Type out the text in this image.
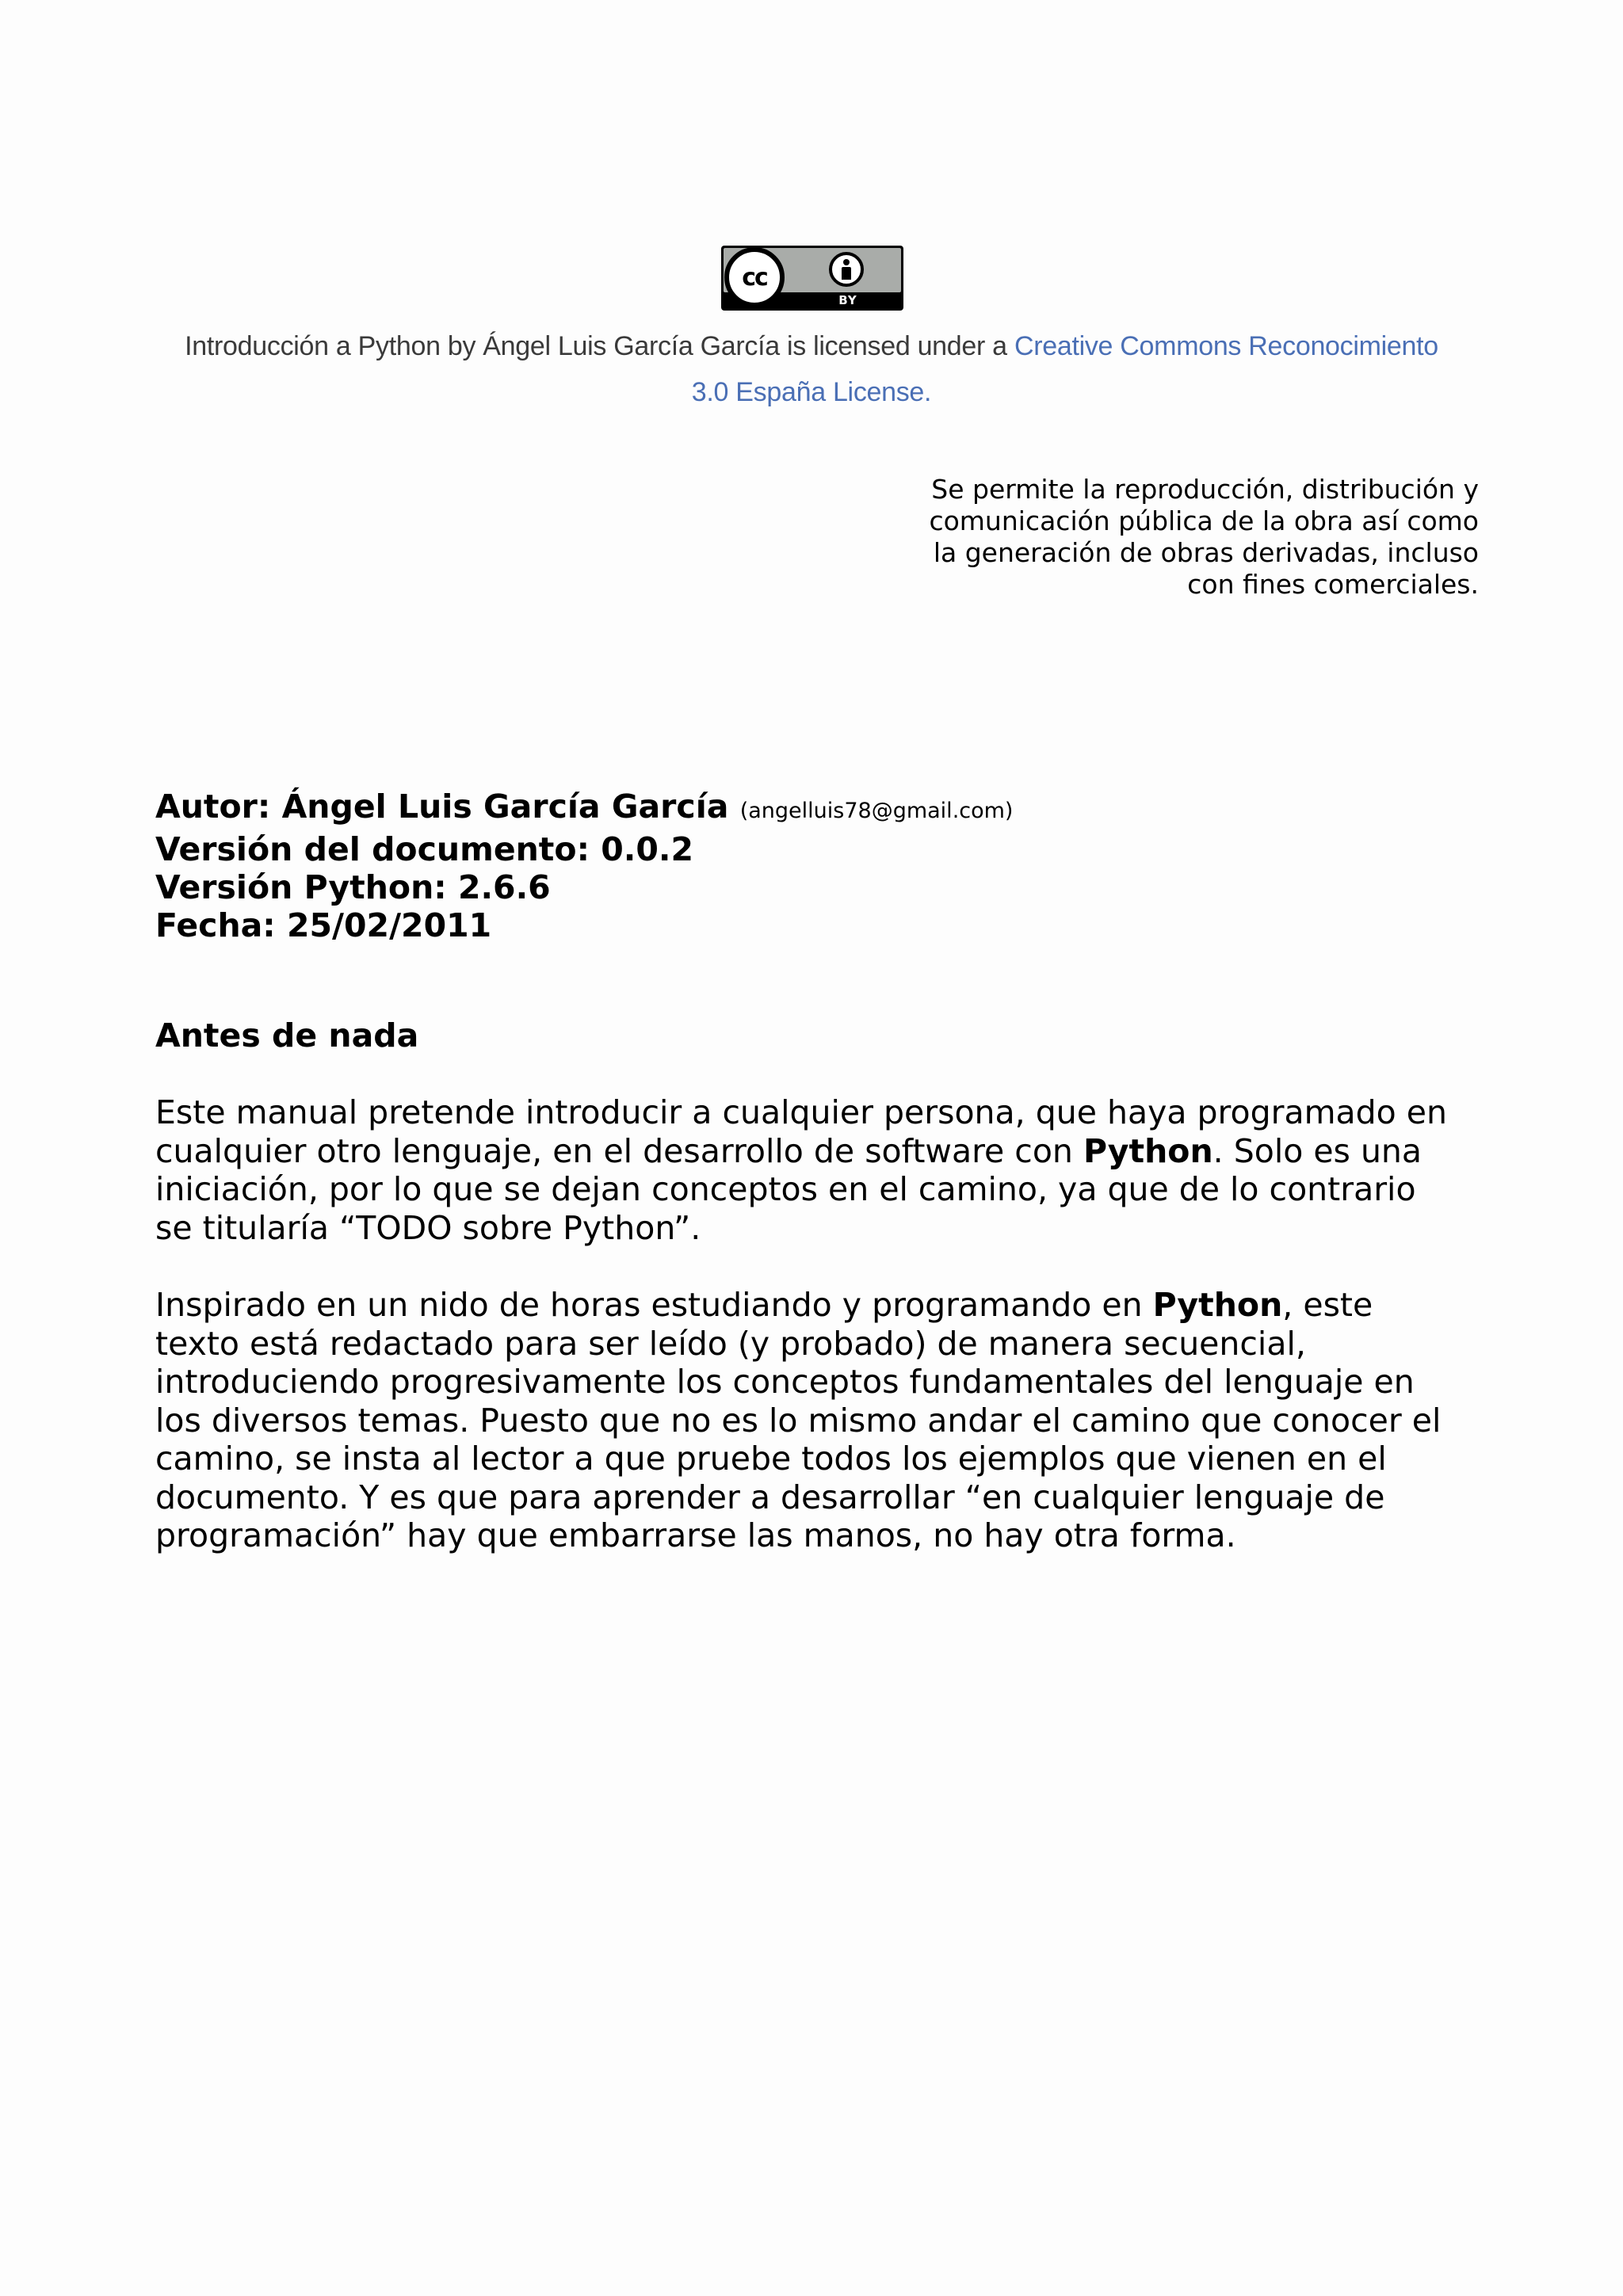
cc
BY
Introducción a Python by Ángel Luis García García is licensed under a Creative Commons Reconocimiento
3.0 España License.
Se permite la reproducción, distribución y
comunicación pública de la obra así como
la generación de obras derivadas, incluso
con fines comerciales.
Autor: Ángel Luis García García (angelluis78@gmail.com)
Versión del documento: 0.0.2
Versión Python: 2.6.6
Fecha: 25/02/2011
Antes de nada
Este manual pretende introducir a cualquier persona, que haya programado en
cualquier otro lenguaje, en el desarrollo de software con Python. Solo es una
iniciación, por lo que se dejan conceptos en el camino, ya que de lo contrario
se titularía “TODO sobre Python”.
Inspirado en un nido de horas estudiando y programando en Python, este
texto está redactado para ser leído (y probado) de manera secuencial,
introduciendo progresivamente los conceptos fundamentales del lenguaje en
los diversos temas. Puesto que no es lo mismo andar el camino que conocer el
camino, se insta al lector a que pruebe todos los ejemplos que vienen en el
documento. Y es que para aprender a desarrollar “en cualquier lenguaje de
programación” hay que embarrarse las manos, no hay otra forma.
